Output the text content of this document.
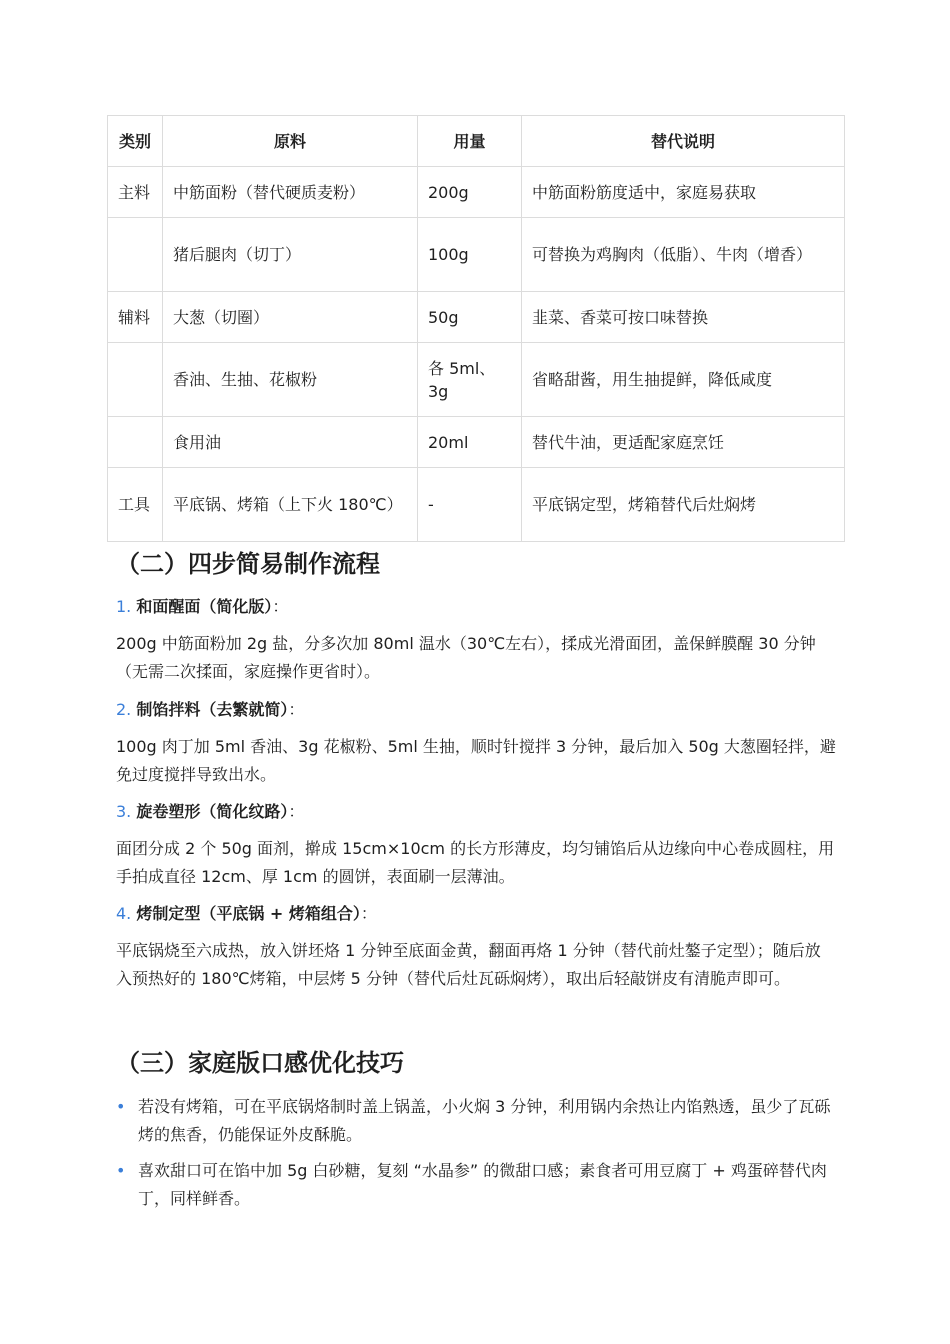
类别	原料	用量	替代说明
主料	中筋面粉（替代硬质麦粉）	200g	中筋面粉筋度适中，家庭易获取
	猪后腿肉（切丁）	100g	可替换为鸡胸肉（低脂）、牛肉（增香）
辅料	大葱（切圈）	50g	韭菜、香菜可按口味替换
	香油、生抽、花椒粉	各 5ml、3g	省略甜酱，用生抽提鲜，降低咸度
	食用油	20ml	替代牛油，更适配家庭烹饪
工具	平底锅、烤箱（上下火 180℃）	-	平底锅定型，烤箱替代后灶焖烤
（二）四步简易制作流程
1. 和面醒面（简化版）：

200g 中筋面粉加 2g 盐，分多次加 80ml 温水（30℃左右），揉成光滑面团，盖保鲜膜醒 30 分钟（无需二次揉面，家庭操作更省时）。

2. 制馅拌料（去繁就简）：

100g 肉丁加 5ml 香油、3g 花椒粉、5ml 生抽，顺时针搅拌 3 分钟，最后加入 50g 大葱圈轻拌，避免过度搅拌导致出水。

3. 旋卷塑形（简化纹路）：

面团分成 2 个 50g 面剂，擀成 15cm×10cm 的长方形薄皮，均匀铺馅后从边缘向中心卷成圆柱，用手拍成直径 12cm、厚 1cm 的圆饼，表面刷一层薄油。

4. 烤制定型（平底锅 + 烤箱组合）：

平底锅烧至六成热，放入饼坯烙 1 分钟至底面金黄，翻面再烙 1 分钟（替代前灶鏊子定型）；随后放入预热好的 180℃烤箱，中层烤 5 分钟（替代后灶瓦砾焖烤），取出后轻敲饼皮有清脆声即可。

（三）家庭版口感优化技巧
• 若没有烤箱，可在平底锅烙制时盖上锅盖，小火焖 3 分钟，利用锅内余热让内馅熟透，虽少了瓦砾烤的焦香，仍能保证外皮酥脆。
• 喜欢甜口可在馅中加 5g 白砂糖，复刻 “水晶参” 的微甜口感；素食者可用豆腐丁 + 鸡蛋碎替代肉丁，同样鲜香。
